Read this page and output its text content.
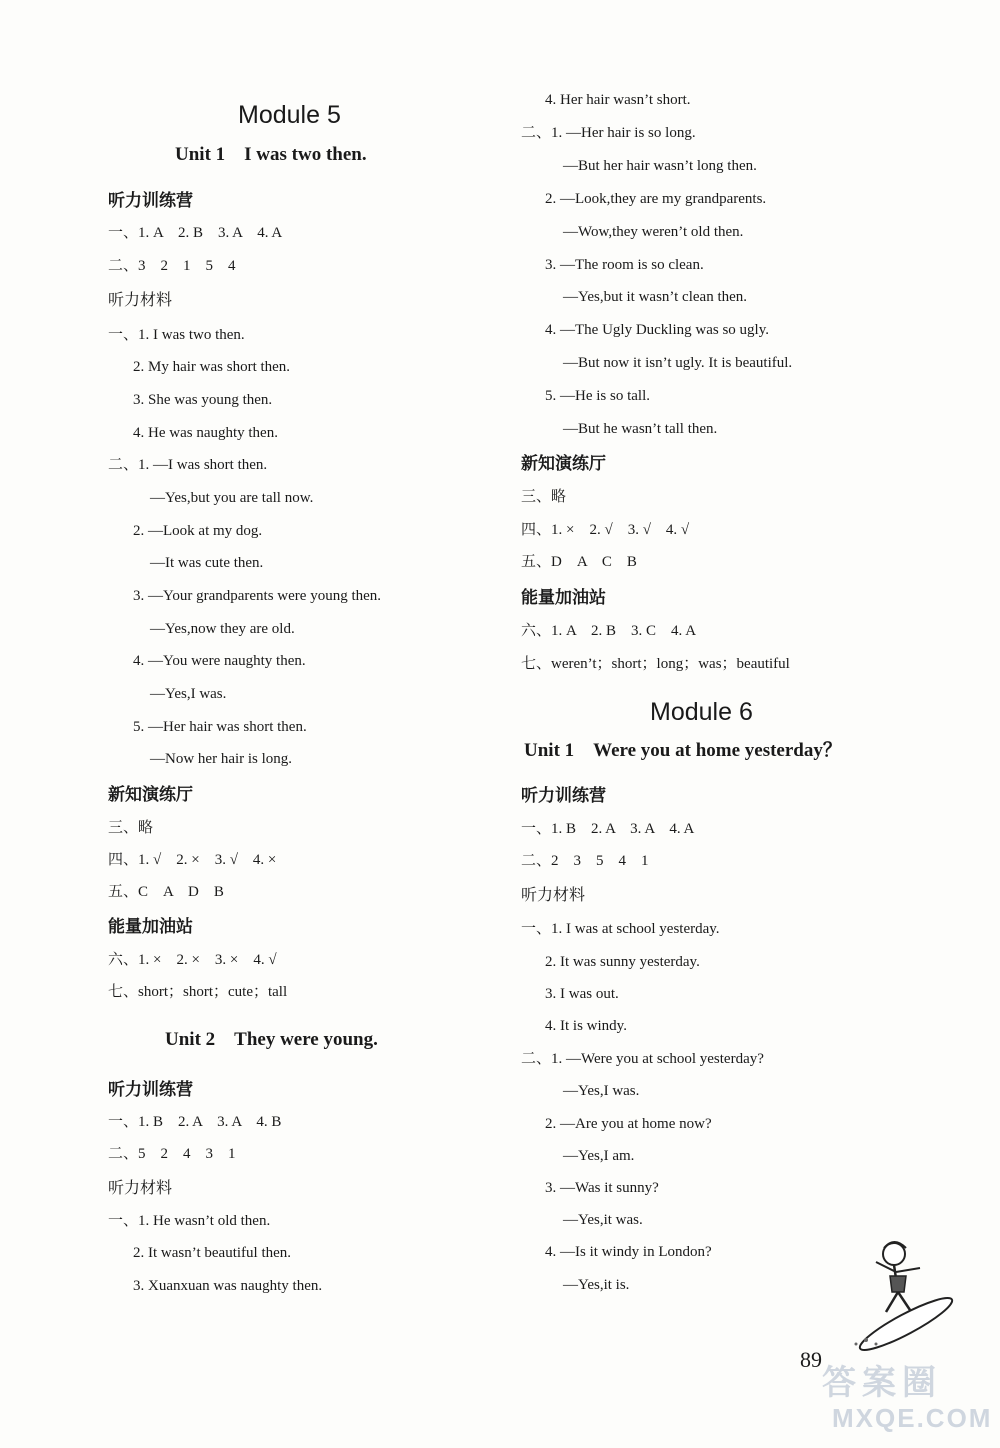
Module 5
Unit 1　I was two then.
听力训练营
一、1. A　2. B　3. A　4. A
二、3　2　1　5　4
听力材料
一、1. I was two then.
2. My hair was short then.
3. She was young then.
4. He was naughty then.
二、1. —I was short then.
—Yes,but you are tall now.
2. —Look at my dog.
—It was cute then.
3. —Your grandparents were young then.
—Yes,now they are old.
4. —You were naughty then.
—Yes,I was.
5. —Her hair was short then.
—Now her hair is long.
新知演练厅
三、略
四、1. √　2. ×　3. √　4. ×
五、C　A　D　B
能量加油站
六、1. ×　2. ×　3. ×　4. √
七、short；short；cute；tall
Unit 2　They were young.
听力训练营
一、1. B　2. A　3. A　4. B
二、5　2　4　3　1
听力材料
一、1. He wasn’t old then.
2. It wasn’t beautiful then.
3. Xuanxuan was naughty then.
4. Her hair wasn’t short.
二、1. —Her hair is so long.
—But her hair wasn’t long then.
2. —Look,they are my grandparents.
—Wow,they weren’t old then.
3. —The room is so clean.
—Yes,but it wasn’t clean then.
4. —The Ugly Duckling was so ugly.
—But now it isn’t ugly. It is beautiful.
5. —He is so tall.
—But he wasn’t tall then.
新知演练厅
三、略
四、1. ×　2. √　3. √　4. √
五、D　A　C　B
能量加油站
六、1. A　2. B　3. C　4. A
七、weren’t；short；long；was；beautiful
Module 6
Unit 1　Were you at home yesterday？
听力训练营
一、1. B　2. A　3. A　4. A
二、2　3　5　4　1
听力材料
一、1. I was at school yesterday.
2. It was sunny yesterday.
3. I was out.
4. It is windy.
二、1. —Were you at school yesterday?
—Yes,I was.
2. —Are you at home now?
—Yes,I am.
3. —Was it sunny?
—Yes,it was.
4. —Is it windy in London?
—Yes,it is.
89
答案圈
MXQE.COM
